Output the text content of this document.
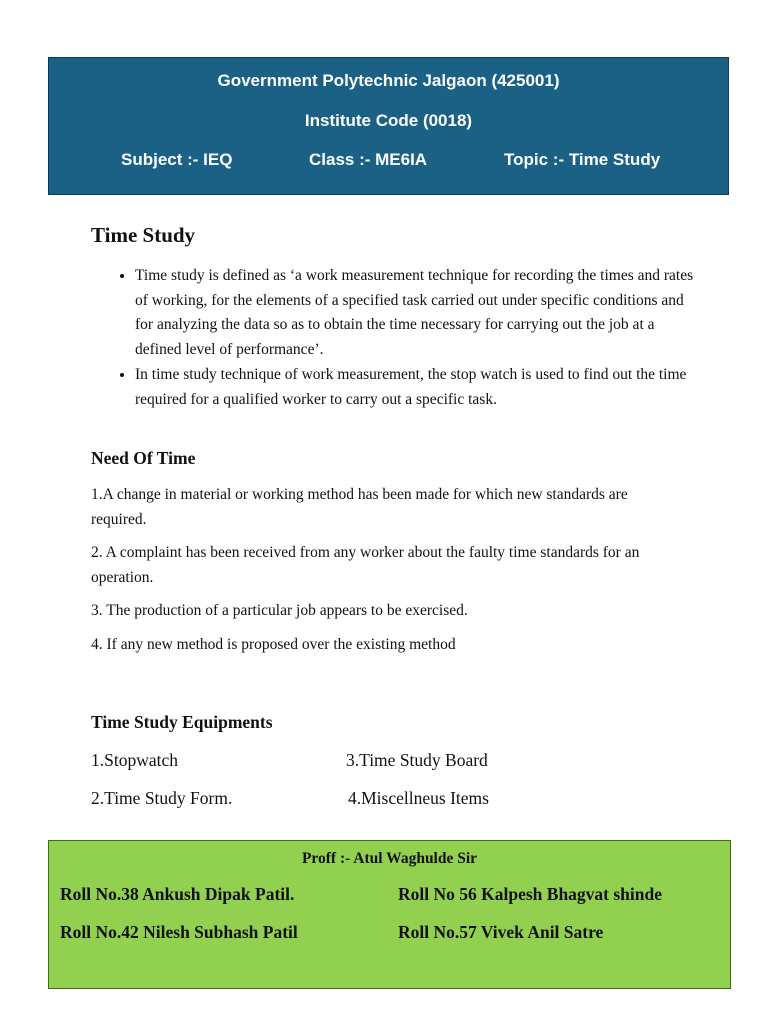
Government Polytechnic Jalgaon (425001)
Institute Code (0018)
Subject :- IEQ	Class :- ME6IA	Topic :- Time Study
Time Study
• Time study is defined as ‘a work measurement technique for recording the times and rates of working, for the elements of a specified task carried out under specific conditions and for analyzing the data so as to obtain the time necessary for carrying out the job at a defined level of performance’.
• In time study technique of work measurement, the stop watch is used to find out the time required for a qualified worker to carry out a specific task.
Need Of Time

1.A change in material or working method has been made for which new standards are required.

2. A complaint has been received from any worker about the faulty time standards for an operation.

3. The production of a particular job appears to be exercised.

4. If any new method is proposed over the existing method

Time Study Equipments
1.Stopwatch	3.Time Study Board
2.Time Study Form.	4.Miscellneus Items
Proff :- Atul Waghulde Sir
Roll No.38 Ankush Dipak Patil.	Roll No 56 Kalpesh Bhagvat shinde
Roll No.42 Nilesh Subhash Patil	Roll No.57 Vivek Anil Satre
